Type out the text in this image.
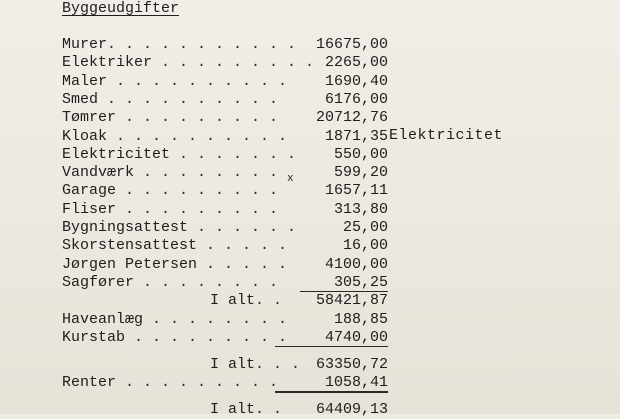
Byggeudgifter
Murer . . . . . . . . . . .	16675,00
Elektriker . . . . . . . . . 2265,00
Maler . . . . . . . . . .	1690,40
Smed . . . . . . . . . .	6176,00
Tømrer . . . . . . . . .	20712,76
Kloak . . . . . . . . . .	1871,35
Elektricitet . . . . . . .	550,00
Vandværk . . . . . . . .	599,20
Garage . . . . . . . . .	1657,11
Fliser . . . . . . . . .	313,80
Bygningsattest . . . . . .	25,00
Skorstensattest . . . . .	16,00
Jørgen Petersen . . . . .	4100,00
Sagfører . . . . . . . .	305,25
I alt . .	58421,87
Haveanlæg . . . . . . . .	188,85
Kurstab . . . . . . . . .	4740,00
I alt . . .	63350,72
Renter . . . . . . . . .	1058,41
I alt . .	64409,13
Elektricitet
x
